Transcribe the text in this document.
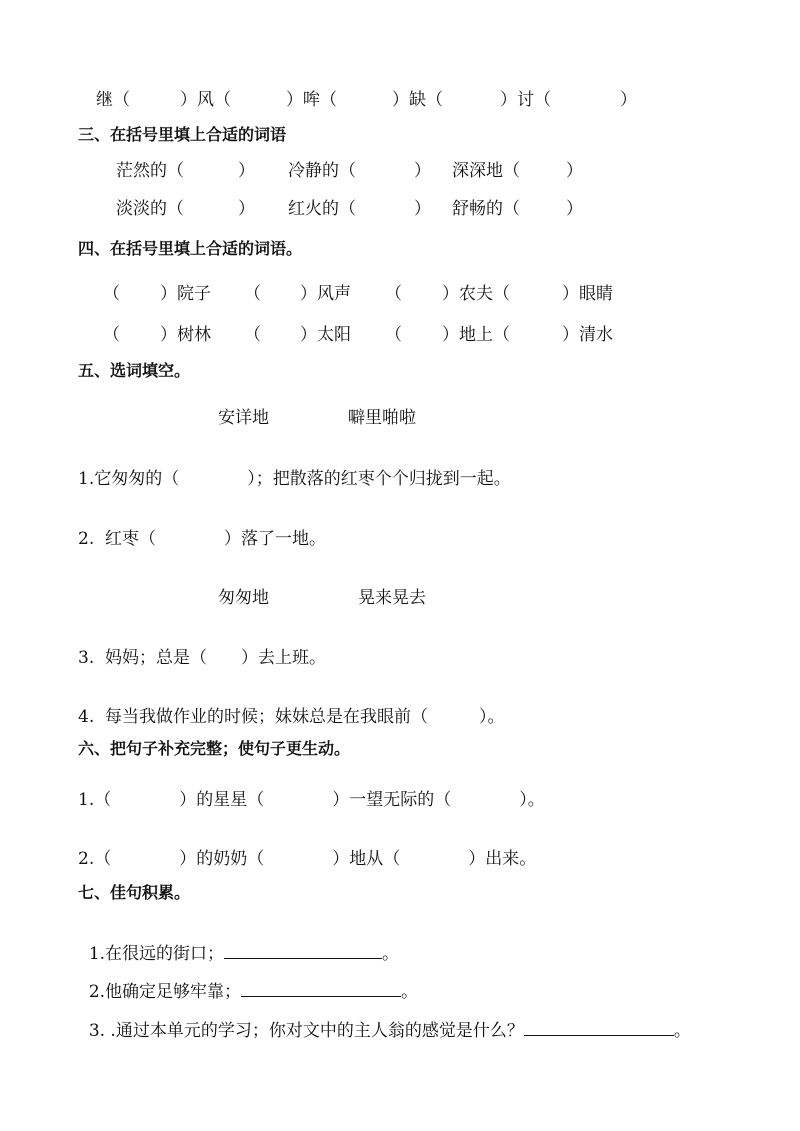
继（	）风（	）哞（	）缺（	）讨（	）
三、在括号里填上合适的词语
茫然的（	） 冷静的（	） 深深地（	）
淡淡的（	） 红火的（	） 舒畅的（	）
四、在括号里填上合适的词语。
（ ）院子 （ ）风声 （ ）农夫（	）眼睛
（ ）树林 （ ）太阳 （ ）地上（	）清水
五、选词填空。
安详地	噼里啪啦
1.它匆匆的（　　　　）；把散落的红枣个个归拢到一起。
2.  红枣（　　　　）落了一地。
匆匆地	晃来晃去
3.  妈妈；总是（　　）去上班。
4.  每当我做作业的时候；妹妹总是在我眼前（　　　）。
六、把句子补充完整；使句子更生动。
1.（　　　　）的星星（　　　　）一望无际的（　　　　）。
2.（　　　　）的奶奶（　　　　）地从（　　　　）出来。
七、佳句积累。

1.在很远的街口；	。

2.他确定足够牢靠；	。

3. .通过本单元的学习；你对文中的主人翁的感觉是什么？	。
